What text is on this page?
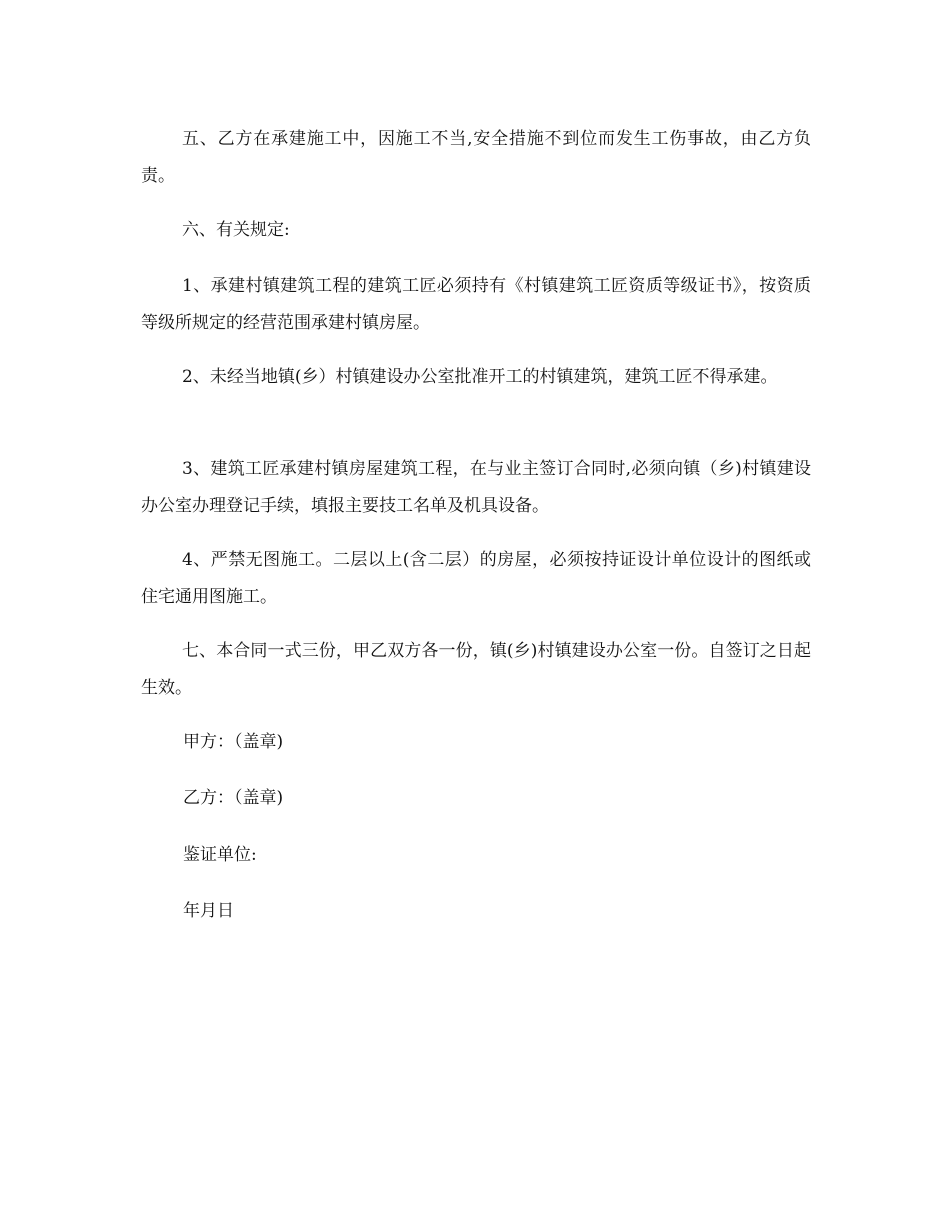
五、乙方在承建施工中，因施工不当,安全措施不到位而发生工伤事故，由乙方负责。

六、有关规定:

1、承建村镇建筑工程的建筑工匠必须持有《村镇建筑工匠资质等级证书》，按资质等级所规定的经营范围承建村镇房屋。

2、未经当地镇(乡）村镇建设办公室批准开工的村镇建筑，建筑工匠不得承建。

3、建筑工匠承建村镇房屋建筑工程，在与业主签订合同时,必须向镇（乡)村镇建设办公室办理登记手续，填报主要技工名单及机具设备。

4、严禁无图施工。二层以上(含二层）的房屋，必须按持证设计单位设计的图纸或住宅通用图施工。

七、本合同一式三份，甲乙双方各一份，镇(乡)村镇建设办公室一份。自签订之日起生效。

甲方：（盖章)

乙方：（盖章)

鉴证单位:

年月日
